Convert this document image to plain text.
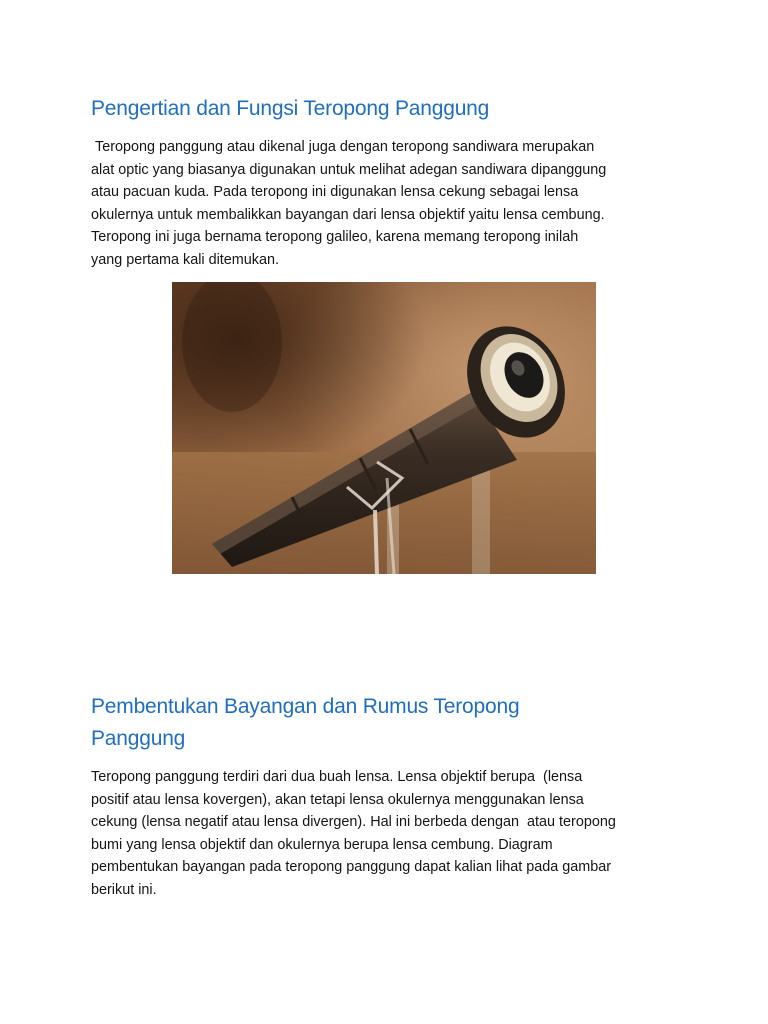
Pengertian dan Fungsi Teropong Panggung

Teropong panggung atau dikenal juga dengan teropong sandiwara merupakan
alat optic yang biasanya digunakan untuk melihat adegan sandiwara dipanggung
atau pacuan kuda. Pada teropong ini digunakan lensa cekung sebagai lensa
okulernya untuk membalikkan bayangan dari lensa objektif yaitu lensa cembung.
Teropong ini juga bernama teropong galileo, karena memang teropong inilah
yang pertama kali ditemukan.

Pembentukan Bayangan dan Rumus Teropong
Panggung

Teropong panggung terdiri dari dua buah lensa. Lensa objektif berupa  (lensa
positif atau lensa kovergen), akan tetapi lensa okulernya menggunakan lensa
cekung (lensa negatif atau lensa divergen). Hal ini berbeda dengan  atau teropong
bumi yang lensa objektif dan okulernya berupa lensa cembung. Diagram
pembentukan bayangan pada teropong panggung dapat kalian lihat pada gambar
berikut ini.
